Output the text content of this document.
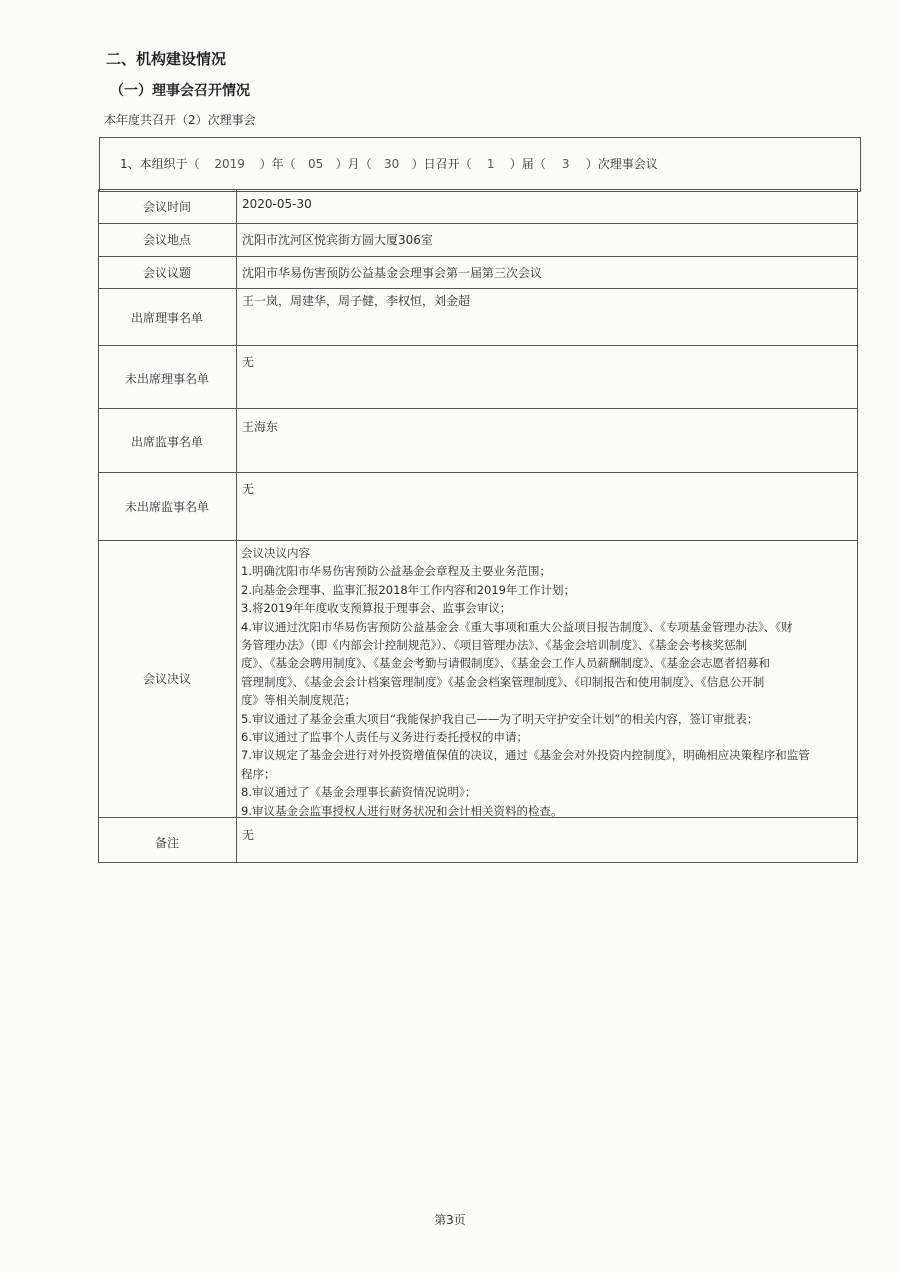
二、机构建设情况
（一）理事会召开情况
本年度共召开（2）次理事会
1、本组织于（ 2019 ）年（ 05 ）月（ 30 ）日召开（ 1 ）届（ 3 ）次理事会议
会议时间
会议地点
会议议题
出席理事名单
未出席理事名单
出席监事名单
未出席监事名单
会议决议
备注
2020-05-30
沈阳市沈河区悦宾街方圆大厦306室
沈阳市华易伤害预防公益基金会理事会第一届第三次会议
王一岚，周建华，周子健，李权恒，刘金超
无
王海东
无
会议决议内容
1.明确沈阳市华易伤害预防公益基金会章程及主要业务范围；
2.向基金会理事、监事汇报2018年工作内容和2019年工作计划；
3.将2019年年度收支预算报于理事会、监事会审议；
4.审议通过沈阳市华易伤害预防公益基金会《重大事项和重大公益项目报告制度》、《专项基金管理办法》、《财
务管理办法》（即《内部会计控制规范》）、《项目管理办法》、《基金会培训制度》、《基金会考核奖惩制
度》、《基金会聘用制度》、《基金会考勤与请假制度》、《基金会工作人员薪酬制度》、《基金会志愿者招募和
管理制度》、《基金会会计档案管理制度》《基金会档案管理制度》、《印制报告和使用制度》、《信息公开制
度》等相关制度规范；
5.审议通过了基金会重大项目“我能保护我自己——为了明天守护安全计划”的相关内容，签订审批表；
6.审议通过了监事个人责任与义务进行委托授权的申请；
7.审议规定了基金会进行对外投资增值保值的决议，通过《基金会对外投资内控制度》，明确相应决策程序和监管
程序；
8.审议通过了《基金会理事长薪资情况说明》；
9.审议基金会监事授权人进行财务状况和会计相关资料的检查。
无
第3页
